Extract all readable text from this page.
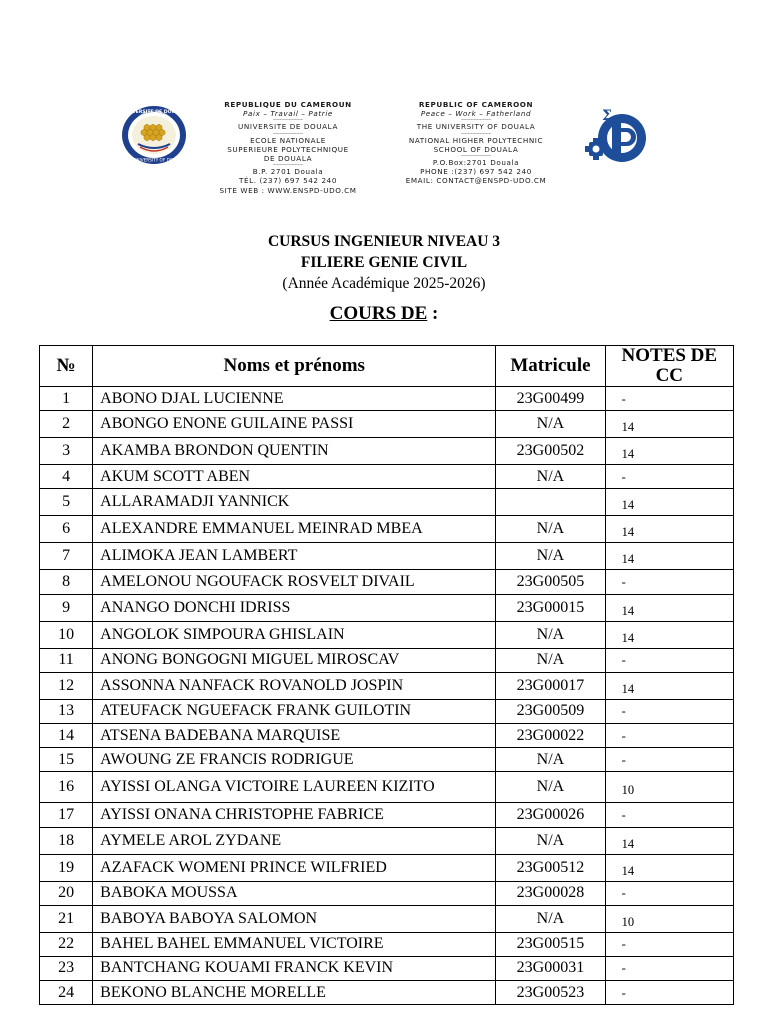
UNIVERSITE DE DOUALA
THE UNIVERSITY OF DOUALA
REPUBLIQUE DU CAMEROUN
Paix – Travail – Patrie
––––––––––
UNIVERSITE DE DOUALA
––––––––––
ECOLE NATIONALE
SUPERIEURE POLYTECHNIQUE
DE DOUALA
––––––––––
B.P. 2701 Douala
TÉL. (237) 697 542 240
SITE WEB : WWW.ENSPD-UDO.CM
REPUBLIC OF CAMEROON
Peace – Work – Fatherland
––––––––––
THE UNIVERSITY OF DOUALA
––––––––––
NATIONAL HIGHER POLYTECHNIC
SCHOOL OF DOUALA
––––––––––
P.O.Box:2701 Douala
PHONE :(237) 697 542 240
EMAIL: CONTACT@ENSPD-UDO.CM
Σ
CURSUS INGENIEUR NIVEAU 3
FILIERE GENIE CIVIL
(Année Académique 2025-2026)
COURS DE :
№	Noms et prénoms	Matricule	NOTES DE CC
1	ABONO DJAL LUCIENNE	23G00499	-
2	ABONGO ENONE GUILAINE PASSI	N/A	14
3	AKAMBA BRONDON QUENTIN	23G00502	14
4	AKUM SCOTT ABEN	N/A	-
5	ALLARAMADJI YANNICK		14
6	ALEXANDRE EMMANUEL MEINRAD MBEA	N/A	14
7	ALIMOKA JEAN LAMBERT	N/A	14
8	AMELONOU NGOUFACK ROSVELT DIVAIL	23G00505	-
9	ANANGO DONCHI IDRISS	23G00015	14
10	ANGOLOK SIMPOURA GHISLAIN	N/A	14
11	ANONG BONGOGNI MIGUEL MIROSCAV	N/A	-
12	ASSONNA NANFACK ROVANOLD JOSPIN	23G00017	14
13	ATEUFACK NGUEFACK FRANK GUILOTIN	23G00509	-
14	ATSENA BADEBANA MARQUISE	23G00022	-
15	AWOUNG ZE FRANCIS RODRIGUE	N/A	-
16	AYISSI OLANGA VICTOIRE LAUREEN KIZITO	N/A	10
17	AYISSI ONANA CHRISTOPHE FABRICE	23G00026	-
18	AYMELE AROL ZYDANE	N/A	14
19	AZAFACK WOMENI PRINCE WILFRIED	23G00512	14
20	BABOKA MOUSSA	23G00028	-
21	BABOYA BABOYA SALOMON	N/A	10
22	BAHEL BAHEL EMMANUEL VICTOIRE	23G00515	-
23	BANTCHANG KOUAMI FRANCK KEVIN	23G00031	-
24	BEKONO BLANCHE MORELLE	23G00523	-
